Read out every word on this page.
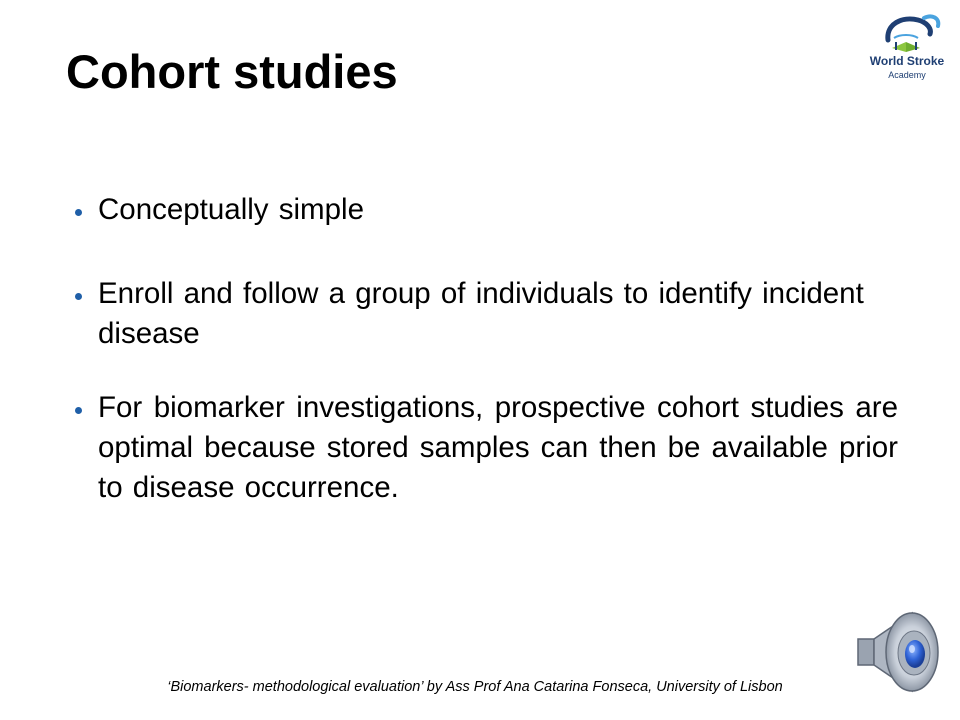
Cohort studies	World Stroke
Academy
Conceptually simple
Enroll and follow a group of individuals to identify incident disease
For biomarker investigations, prospective cohort studies are optimal because stored samples can then be available prior to disease occurrence.
‘Biomarkers- methodological evaluation’ by Ass Prof Ana Catarina Fonseca, University of Lisbon
